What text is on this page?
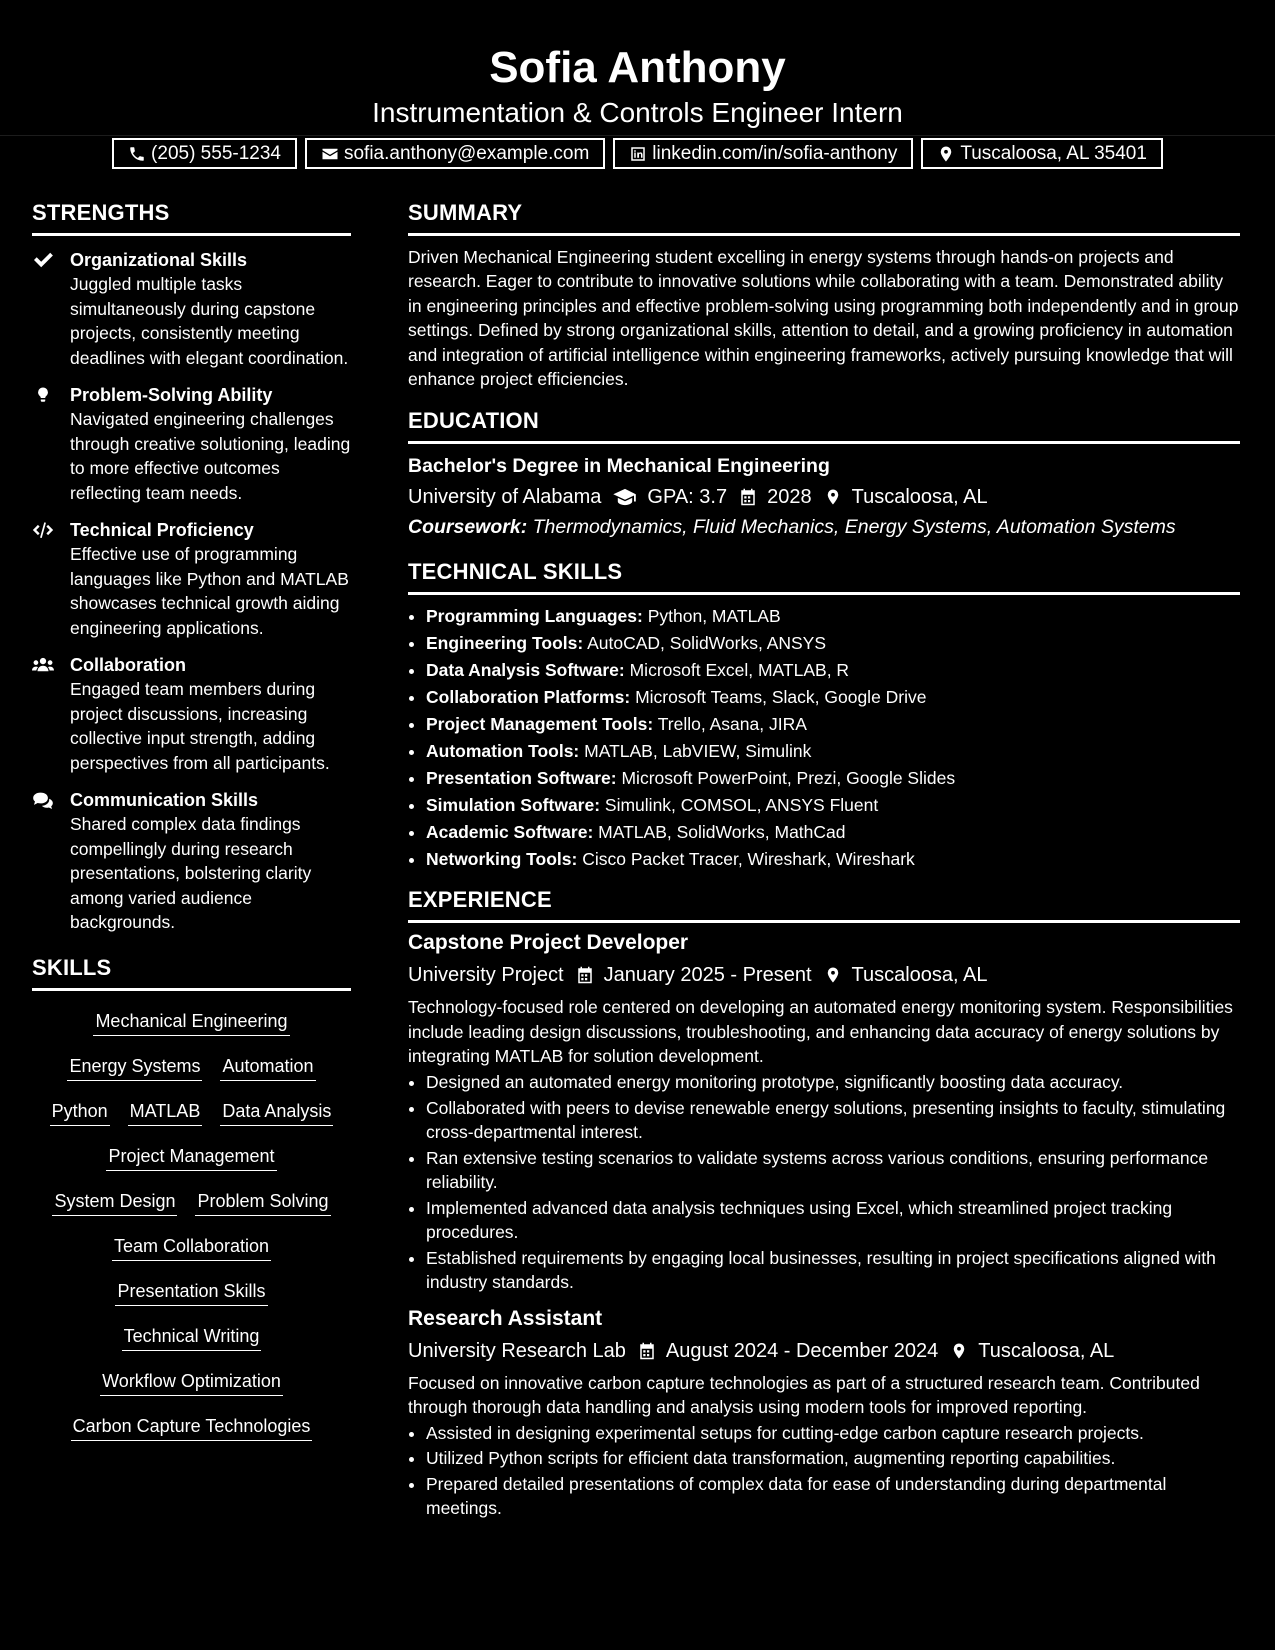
Sofia Anthony
Instrumentation & Controls Engineer Intern
(205) 555-1234	sofia.anthony@example.com	linkedin.com/in/sofia-anthony	Tuscaloosa, AL 35401
STRENGTHS
Organizational Skills
Juggled multiple tasks simultaneously during capstone projects, consistently meeting deadlines with elegant coordination.
Problem-Solving Ability
Navigated engineering challenges through creative solutioning, leading to more effective outcomes reflecting team needs.
Technical Proficiency
Effective use of programming languages like Python and MATLAB showcases technical growth aiding engineering applications.
Collaboration
Engaged team members during project discussions, increasing collective input strength, adding perspectives from all participants.
Communication Skills
Shared complex data findings compellingly during research presentations, bolstering clarity among varied audience backgrounds.
SKILLS
Mechanical Engineering
Energy Systems Automation
Python MATLAB Data Analysis
Project Management
System Design Problem Solving
Team Collaboration
Presentation Skills
Technical Writing
Workflow Optimization
Carbon Capture Technologies
SUMMARY
Driven Mechanical Engineering student excelling in energy systems through hands-on projects and research. Eager to contribute to innovative solutions while collaborating with a team. Demonstrated ability in engineering principles and effective problem-solving using programming both independently and in group settings. Defined by strong organizational skills, attention to detail, and a growing proficiency in automation and integration of artificial intelligence within engineering frameworks, actively pursuing knowledge that will enhance project efficiencies.
EDUCATION
Bachelor's Degree in Mechanical Engineering
University of Alabama GPA: 3.7 2028 Tuscaloosa, AL
Coursework: Thermodynamics, Fluid Mechanics, Energy Systems, Automation Systems
TECHNICAL SKILLS
• Programming Languages: Python, MATLAB
• Engineering Tools: AutoCAD, SolidWorks, ANSYS
• Data Analysis Software: Microsoft Excel, MATLAB, R
• Collaboration Platforms: Microsoft Teams, Slack, Google Drive
• Project Management Tools: Trello, Asana, JIRA
• Automation Tools: MATLAB, LabVIEW, Simulink
• Presentation Software: Microsoft PowerPoint, Prezi, Google Slides
• Simulation Software: Simulink, COMSOL, ANSYS Fluent
• Academic Software: MATLAB, SolidWorks, MathCad
• Networking Tools: Cisco Packet Tracer, Wireshark, Wireshark
EXPERIENCE
Capstone Project Developer
University Project January 2025 - Present Tuscaloosa, AL
Technology-focused role centered on developing an automated energy monitoring system. Responsibilities include leading design discussions, troubleshooting, and enhancing data accuracy of energy solutions by integrating MATLAB for solution development.
• Designed an automated energy monitoring prototype, significantly boosting data accuracy.
• Collaborated with peers to devise renewable energy solutions, presenting insights to faculty, stimulating cross-departmental interest.
• Ran extensive testing scenarios to validate systems across various conditions, ensuring performance reliability.
• Implemented advanced data analysis techniques using Excel, which streamlined project tracking procedures.
• Established requirements by engaging local businesses, resulting in project specifications aligned with industry standards.
Research Assistant
University Research Lab August 2024 - December 2024 Tuscaloosa, AL
Focused on innovative carbon capture technologies as part of a structured research team. Contributed through thorough data handling and analysis using modern tools for improved reporting.
• Assisted in designing experimental setups for cutting-edge carbon capture research projects.
• Utilized Python scripts for efficient data transformation, augmenting reporting capabilities.
• Prepared detailed presentations of complex data for ease of understanding during departmental meetings.
